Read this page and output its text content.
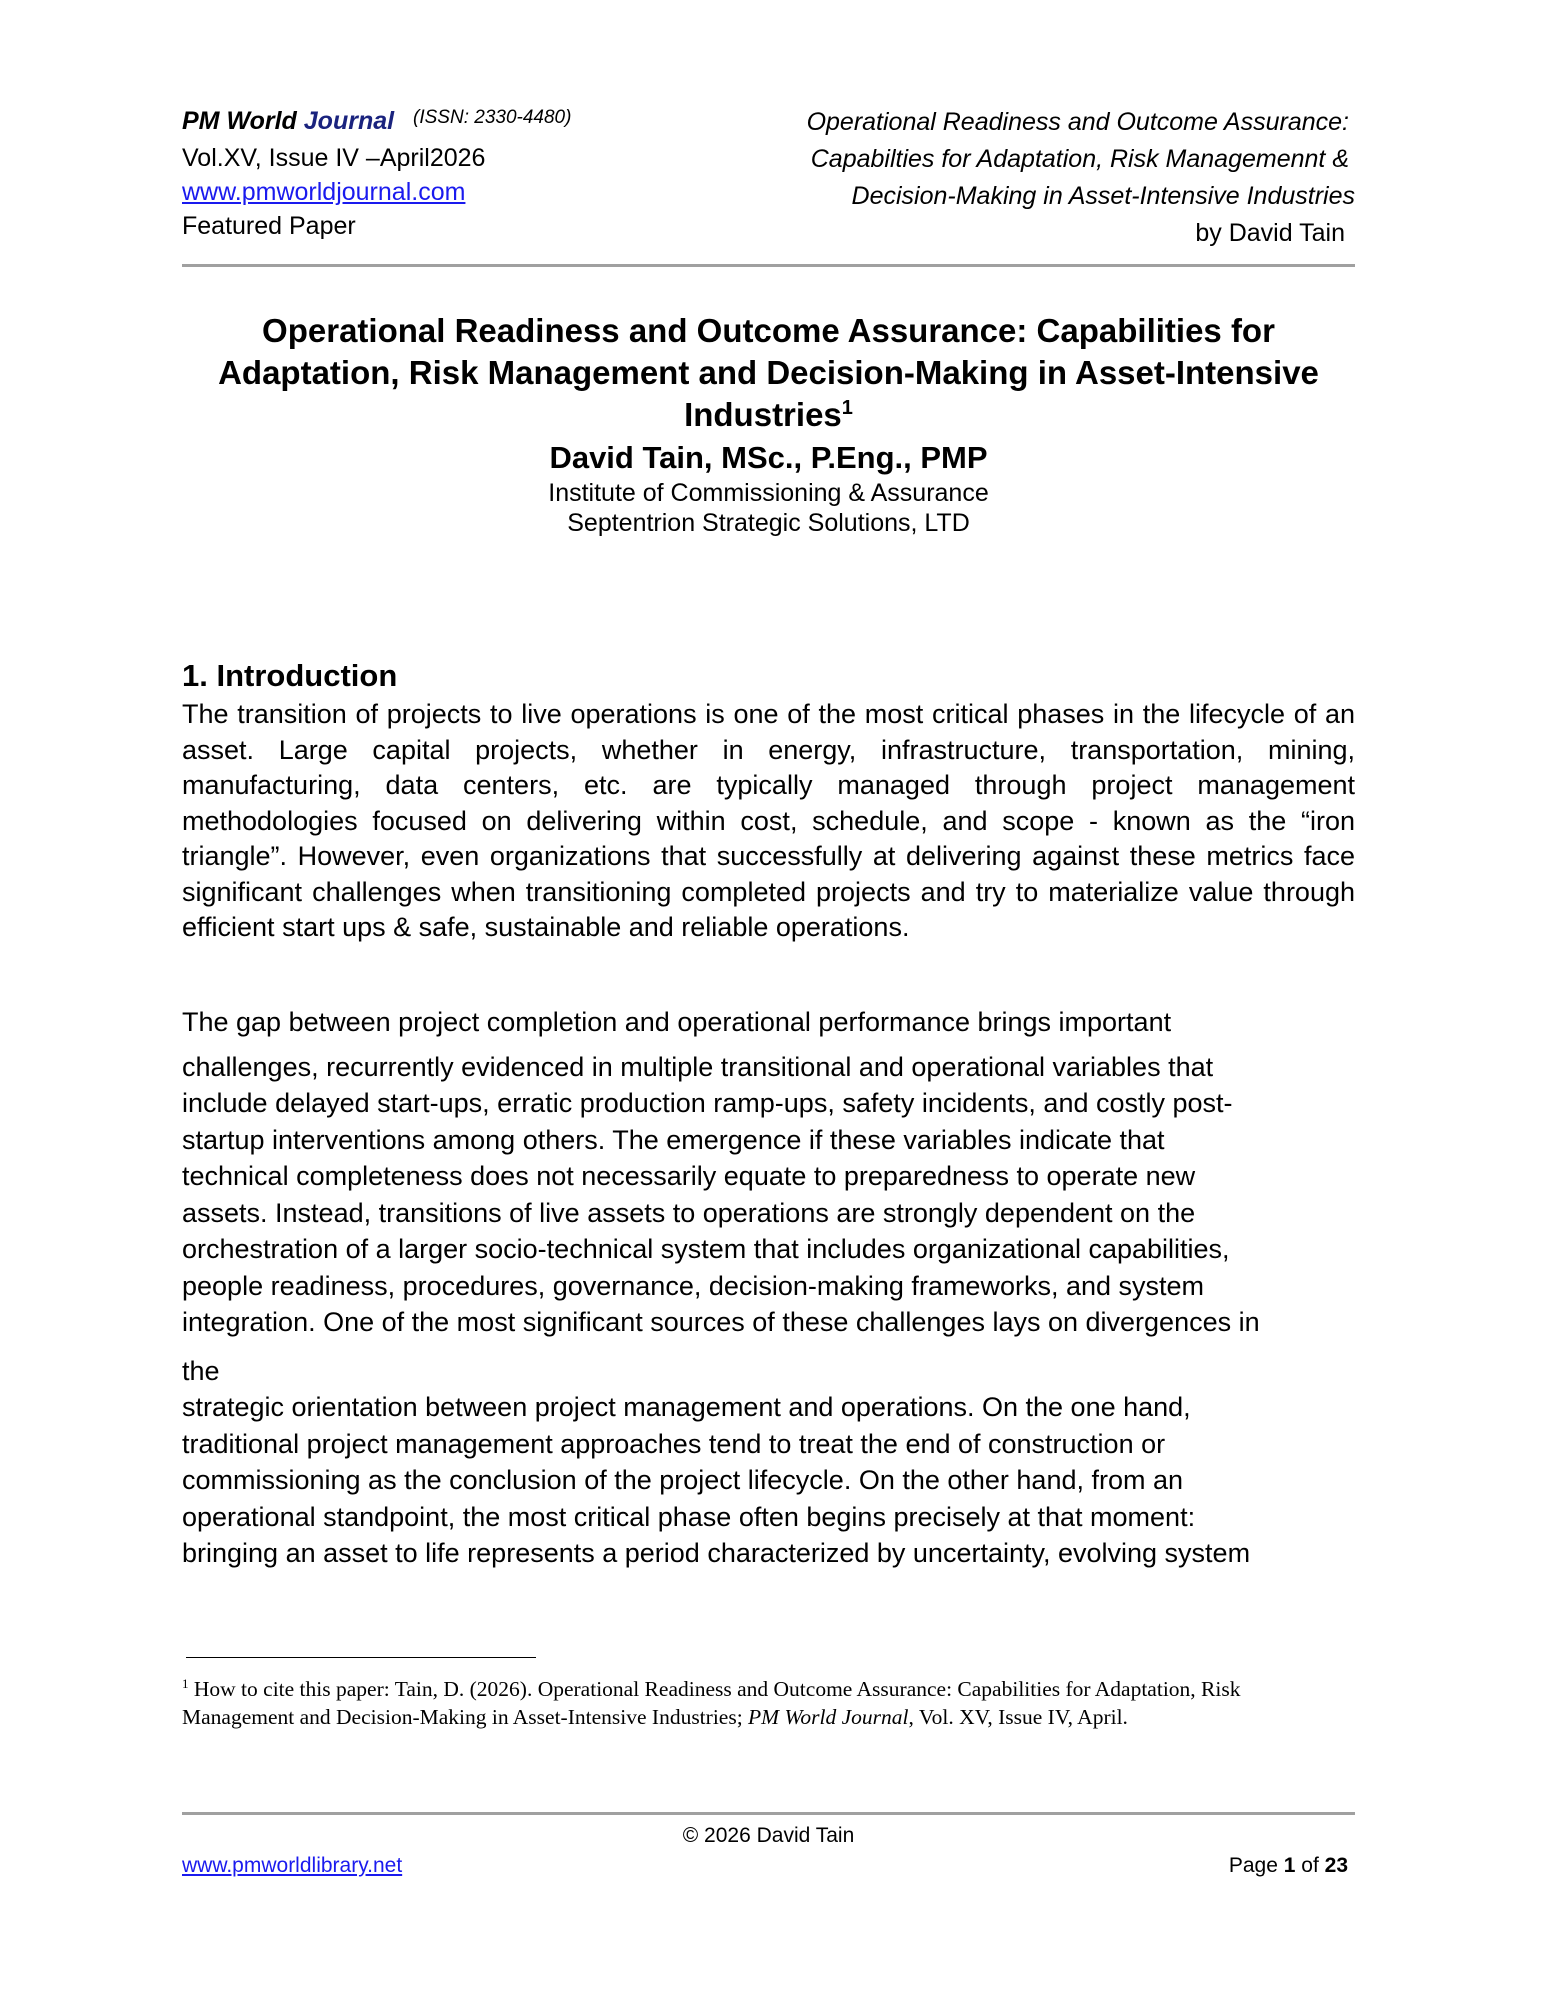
PM World Journal $^{(ISSN: 2330-4480)}$
Vol.XV, Issue IV –April2026
www.pmworldjournal.com
Featured Paper
Operational Readiness and Outcome Assurance:
Capabilties for Adaptation, Risk Managemennt &
Decision-Making in Asset-Intensive Industries
by David Tain
Operational Readiness and Outcome Assurance: Capabilities for
Adaptation, Risk Management and Decision-Making in Asset-Intensive
Industries$^1$
David Tain, MSc., P.Eng., PMP
Institute of Commissioning & Assurance
Septentrion Strategic Solutions, LTD
1. Introduction
The transition of projects to live operations is one of the most critical phases in the lifecycle of an asset. Large capital projects, whether in energy, infrastructure, transportation, mining, manufacturing, data centers, etc. are typically managed through project management methodologies focused on delivering within cost, schedule, and scope - known as the “iron triangle”. However, even organizations that successfully at delivering against these metrics face significant challenges when transitioning completed projects and try to materialize value through efficient start ups & safe, sustainable and reliable operations.
The gap between project completion and operational performance brings important
challenges, recurrently evidenced in multiple transitional and operational variables that
include delayed start-ups, erratic production ramp-ups, safety incidents, and costly post-
startup interventions among others. The emergence if these variables indicate that
technical completeness does not necessarily equate to preparedness to operate new
assets. Instead, transitions of live assets to operations are strongly dependent on the
orchestration of a larger socio-technical system that includes organizational capabilities,
people readiness, procedures, governance, decision-making frameworks, and system
integration. One of the most significant sources of these challenges lays on divergences in
the
strategic orientation between project management and operations. On the one hand,
traditional project management approaches tend to treat the end of construction or
commissioning as the conclusion of the project lifecycle. On the other hand, from an
operational standpoint, the most critical phase often begins precisely at that moment:
bringing an asset to life represents a period characterized by uncertainty, evolving system
$^1$ How to cite this paper: Tain, D. (2026). Operational Readiness and Outcome Assurance: Capabilities for Adaptation, Risk Management and Decision-Making in Asset-Intensive Industries; PM World Journal, Vol. XV, Issue IV, April.
© 2026 David Tain
www.pmworldlibrary.net	Page 1 of 23
